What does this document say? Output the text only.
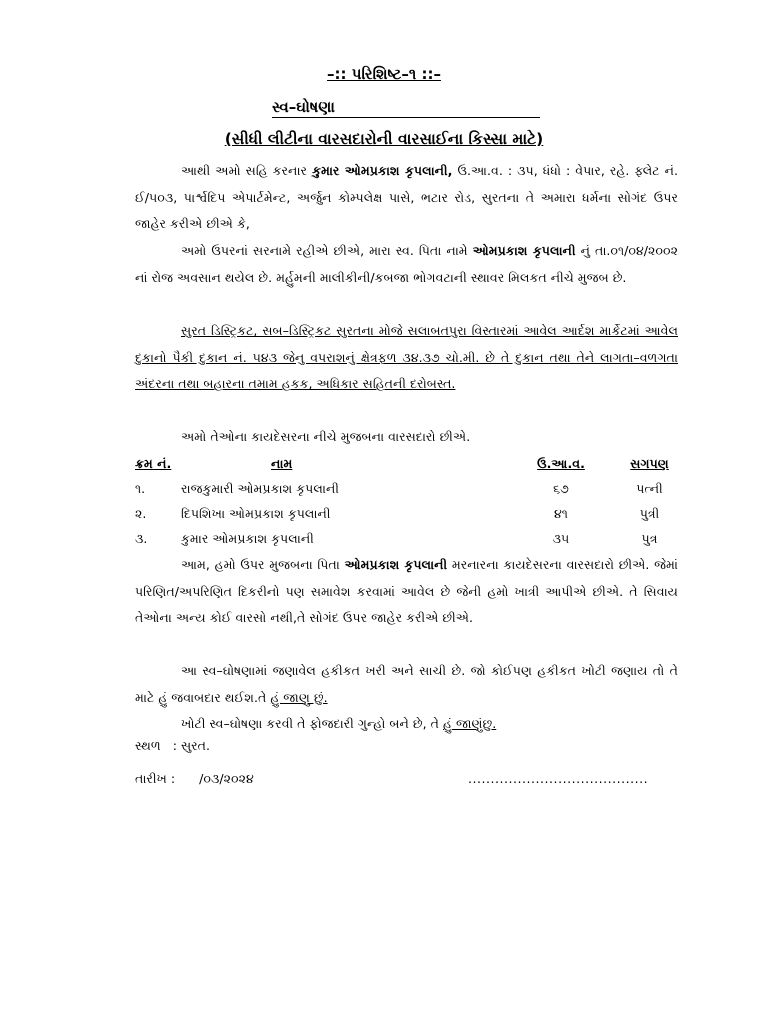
–:: પરિશિષ્ટ–૧ ::–
સ્વ–ઘોષણા
(સીધી લીટીના વારસદારોની વારસાઈના કિસ્સા માટે)
આથી અમો સહિ કરનાર કુમાર ઓમપ્રકાશ કૃપલાની, ઉ.આ.વ. : ૩પ, ધંધો : વેપાર, રહે. ફ્લેટ નં. ઈ/૫૦૩, પાર્શ્વદિપ એપાર્ટમેન્ટ, અર્જુન કોમ્પલેક્ષ પાસે, ભટાર રોડ, સુરતના તે અમારા ધર્મના સોગંદ ઉપર જાહેર કરીએ છીએ કે,
અમો ઉપરનાં સરનામે રહીએ છીએ, મારા સ્વ. પિતા નામે ઓમપ્રકાશ કૃપલાની નું તા.૦૧/૦૪/૨૦૦૨ નાં રોજ અવસાન થયેલ છે. મર્હુમની માલીકીની/કબજા ભોગવટાની સ્થાવર મિલકત નીચે મુજબ છે.
સુરત ડિસ્ટ્રિકટ, સબ–ડિસ્ટ્રિકટ સુરતના મોજે સલાબતપુરા વિસ્તારમાં આવેલ આર્દશ માર્કેટમાં આવેલ દુકાનો પૈકી દુકાન નં. ૫૪૩ જેનુ વપરાશનું ક્ષેત્રફળ ૩૪.૩૭ ચો.મી. છે તે દુકાન તથા તેને લાગતા–વળગતા અંદરના તથા બહારના તમામ હકક, અધિકાર સહિતની દરોબસ્ત.
અમો તેઓના કાયદેસરના નીચે મુજબના વારસદારો છીએ.
ક્રમ નં.	નામ	ઉ.આ.વ.	સગપણ
૧.	રાજકુમારી ઓમપ્રકાશ કૃપલાની	૬૭	પત્ની
૨.	દિપશિખા ઓમપ્રકાશ કૃપલાની	૪૧	પુત્રી
૩.	કુમાર ઓમપ્રકાશ કૃપલાની	૩૫	પુત્ર
આમ, હમો ઉપર મુજબના પિતા ઓમપ્રકાશ કૃપલાની મરનારના કાયદેસરના વારસદારો છીએ. જેમાં પરિણિત/અપરિણિત દિકરીનો પણ સમાવેશ કરવામાં આવેલ છે જેની હમો ખાત્રી આપીએ છીએ. તે સિવાય તેઓના અન્ય કોઈ વારસો નથી,તે સોગંદ ઉપર જાહેર કરીએ છીએ.
આ સ્વ–ઘોષણામાં જણાવેલ હકીકત ખરી અને સાચી છે. જો કોઈપણ હકીકત ખોટી જણાય તો તે માટે હું જવાબદાર થઈશ.તે હું જાણુ છું.
ખોટી સ્વ–ઘોષણા કરવી તે ફોજદારી ગુન્હો બને છે, તે હું જાણુંછુ.
સ્થળ   : સુરત.
તારીખ :      /૦૩/૨૦૨૪	........................................
